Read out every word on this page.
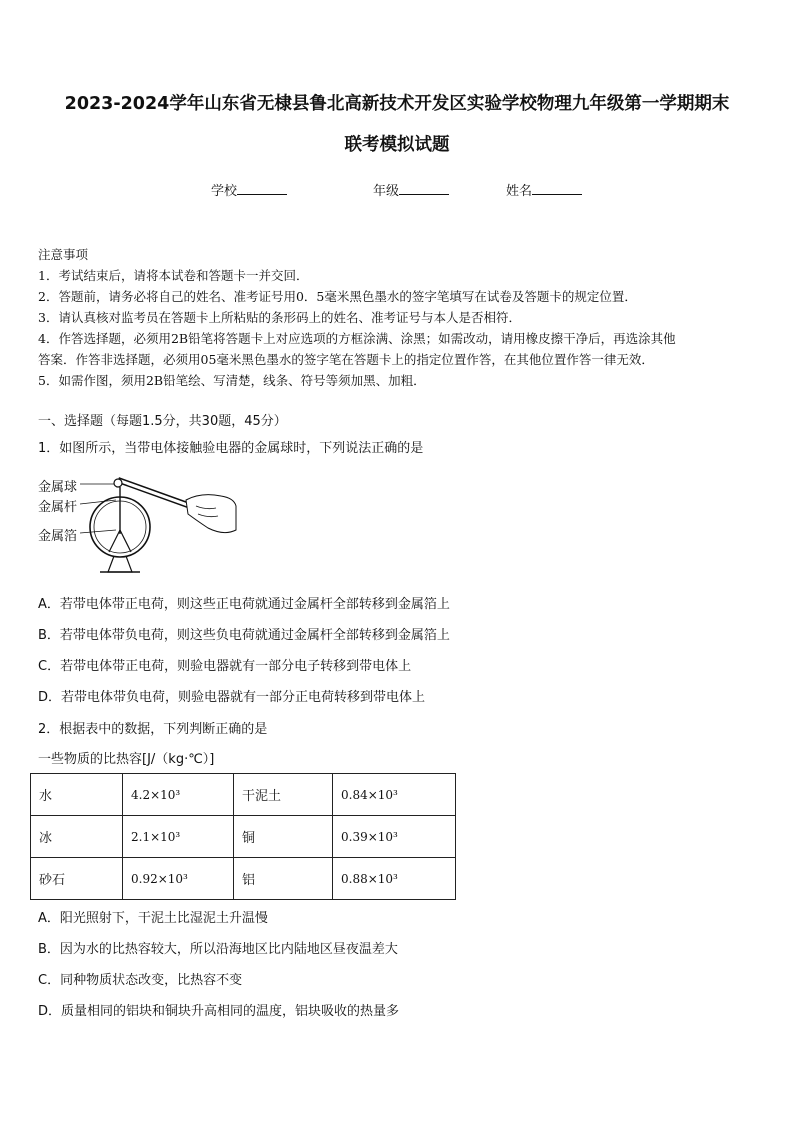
2023-2024学年山东省无棣县鲁北高新技术开发区实验学校物理九年级第一学期期末
联考模拟试题
学校	年级	姓名
注意事项
1．考试结束后，请将本试卷和答题卡一并交回．
2．答题前，请务必将自己的姓名、准考证号用0．5毫米黑色墨水的签字笔填写在试卷及答题卡的规定位置．
3．请认真核对监考员在答题卡上所粘贴的条形码上的姓名、准考证号与本人是否相符．
4．作答选择题，必须用2B铅笔将答题卡上对应选项的方框涂满、涂黑；如需改动，请用橡皮擦干净后，再选涂其他
答案．作答非选择题，必须用05毫米黑色墨水的签字笔在答题卡上的指定位置作答，在其他位置作答一律无效．
5．如需作图，须用2B铅笔绘、写清楚，线条、符号等须加黑、加粗．
一、选择题（每题1.5分，共30题，45分）
1．如图所示，当带电体接触验电器的金属球时，下列说法正确的是
金属球
金属杆
金属箔
A．若带电体带正电荷，则这些正电荷就通过金属杆全部转移到金属箔上
B．若带电体带负电荷，则这些负电荷就通过金属杆全部转移到金属箔上
C．若带电体带正电荷，则验电器就有一部分电子转移到带电体上
D．若带电体带负电荷，则验电器就有一部分正电荷转移到带电体上
2．根据表中的数据，下列判断正确的是
一些物质的比热容[J/（kg·℃）]
水	4.2×10³	干泥土	0.84×10³
冰	2.1×10³	铜	0.39×10³
砂石	0.92×10³	铝	0.88×10³
A．阳光照射下，干泥土比湿泥土升温慢
B．因为水的比热容较大，所以沿海地区比内陆地区昼夜温差大
C．同种物质状态改变，比热容不变
D．质量相同的铝块和铜块升高相同的温度，铝块吸收的热量多
